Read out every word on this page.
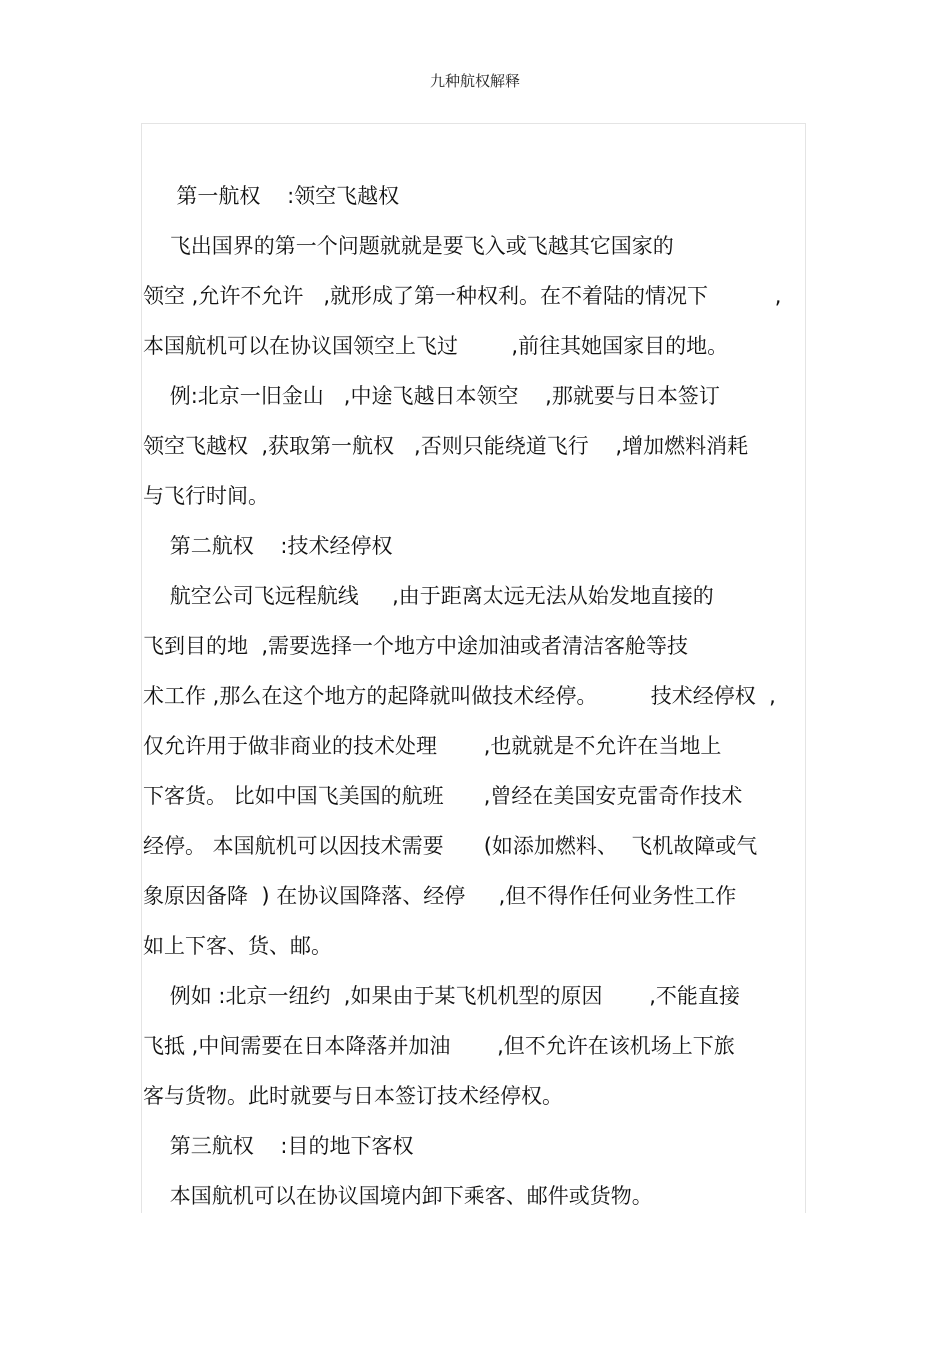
九种航权解释
第一航权    :领空飞越权
飞出国界的第一个问题就就是要飞入或飞越其它国家的
领空 ,允许不允许   ,就形成了第一种权利。在不着陆的情况下          ,
本国航机可以在协议国领空上飞过        ,前往其她国家目的地。
例:北京一旧金山   ,中途飞越日本领空    ,那就要与日本签订
领空飞越权  ,获取第一航权   ,否则只能绕道飞行    ,增加燃料消耗
与飞行时间。
第二航权    :技术经停权
航空公司飞远程航线     ,由于距离太远无法从始发地直接的
飞到目的地  ,需要选择一个地方中途加油或者清洁客舱等技
术工作 ,那么在这个地方的起降就叫做技术经停。        技术经停权  ,
仅允许用于做非商业的技术处理       ,也就就是不允许在当地上
下客货。 比如中国飞美国的航班      ,曾经在美国安克雷奇作技术
经停。 本国航机可以因技术需要      (如添加燃料、  飞机故障或气
象原因备降  ) 在协议国降落、经停     ,但不得作任何业务性工作
如上下客、货、邮。
例如 :北京一纽约  ,如果由于某飞机机型的原因       ,不能直接
飞抵 ,中间需要在日本降落并加油       ,但不允许在该机场上下旅
客与货物。此时就要与日本签订技术经停权。
第三航权    :目的地下客权
本国航机可以在协议国境内卸下乘客、邮件或货物。
